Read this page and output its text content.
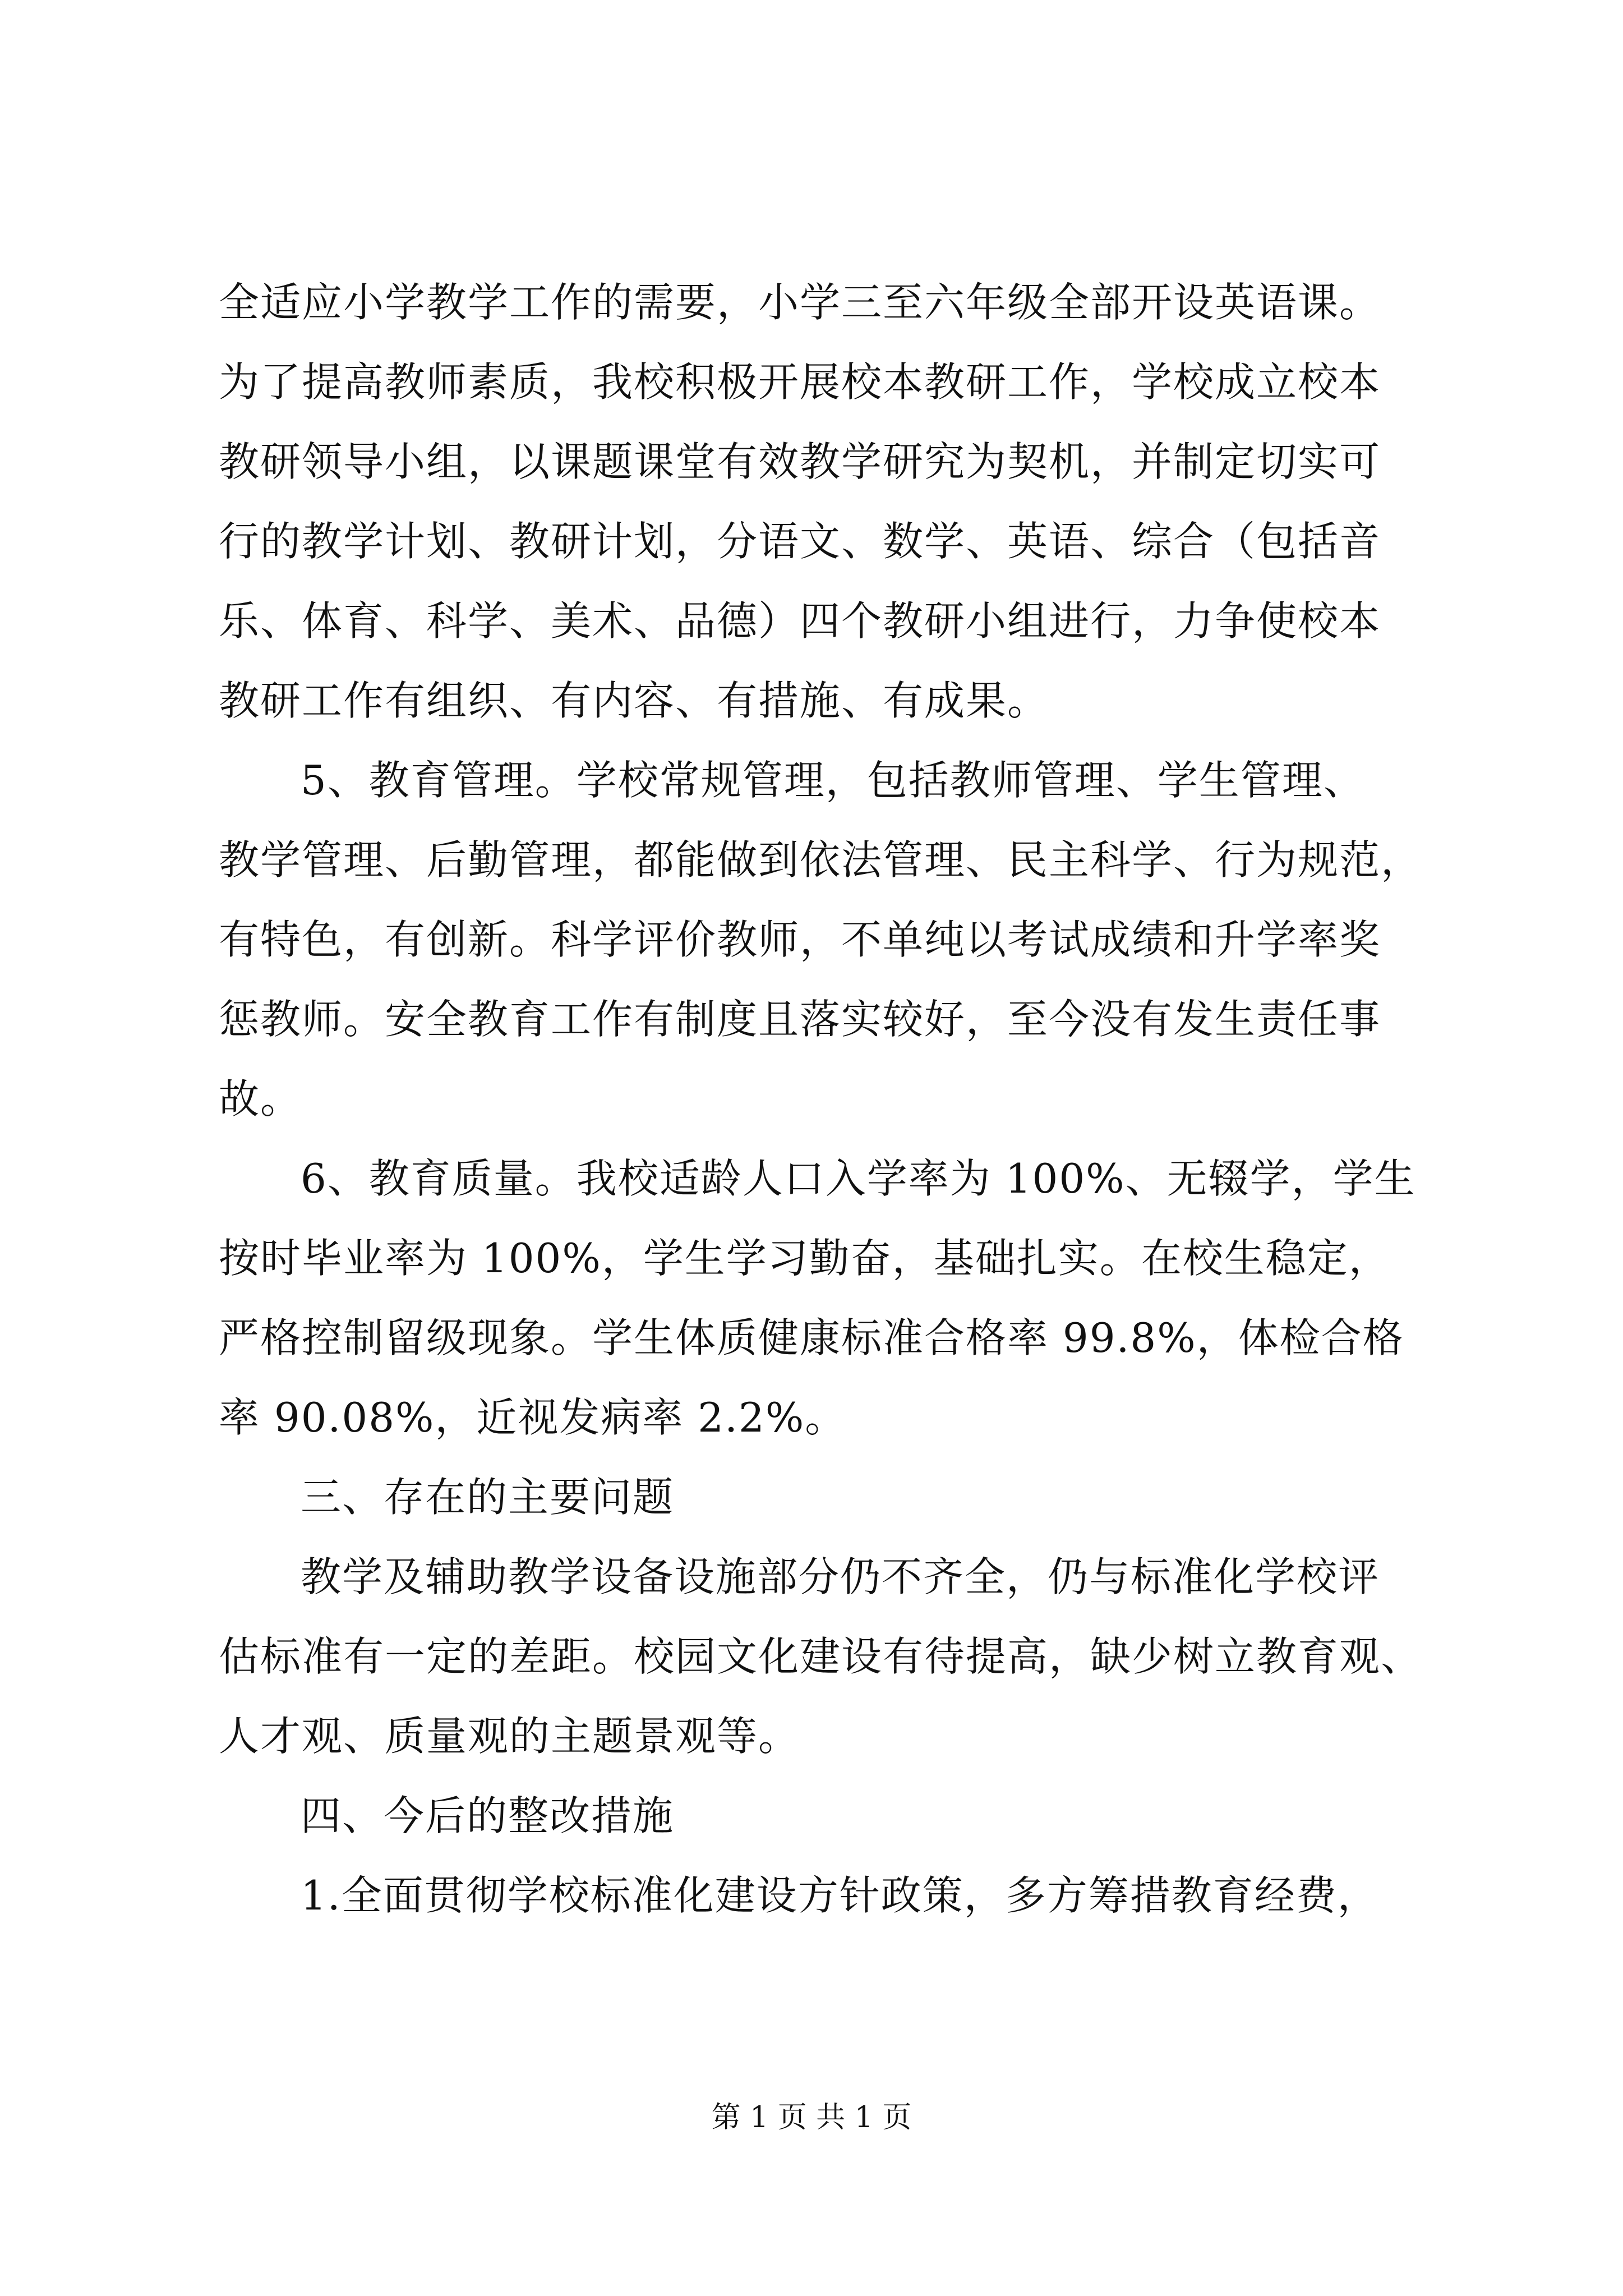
全适应小学教学工作的需要，小学三至六年级全部开设英语课。
为了提高教师素质，我校积极开展校本教研工作，学校成立校本
教研领导小组，以课题课堂有效教学研究为契机，并制定切实可
行的教学计划、教研计划，分语文、数学、英语、综合（包括音
乐、体育、科学、美术、品德）四个教研小组进行，力争使校本
教研工作有组织、有内容、有措施、有成果。
5、教育管理。学校常规管理，包括教师管理、学生管理、
教学管理、后勤管理，都能做到依法管理、民主科学、行为规范，
有特色，有创新。科学评价教师，不单纯以考试成绩和升学率奖
惩教师。安全教育工作有制度且落实较好，至今没有发生责任事
故。
6、教育质量。我校适龄人口入学率为 100%、无辍学，学生
按时毕业率为 100%，学生学习勤奋，基础扎实。在校生稳定，
严格控制留级现象。学生体质健康标准合格率 99.8%，体检合格
率 90.08%，近视发病率 2.2%。
三、存在的主要问题
教学及辅助教学设备设施部分仍不齐全，仍与标准化学校评
估标准有一定的差距。校园文化建设有待提高，缺少树立教育观、
人才观、质量观的主题景观等。
四、今后的整改措施
1.全面贯彻学校标准化建设方针政策，多方筹措教育经费，
第 1 页 共 1 页
